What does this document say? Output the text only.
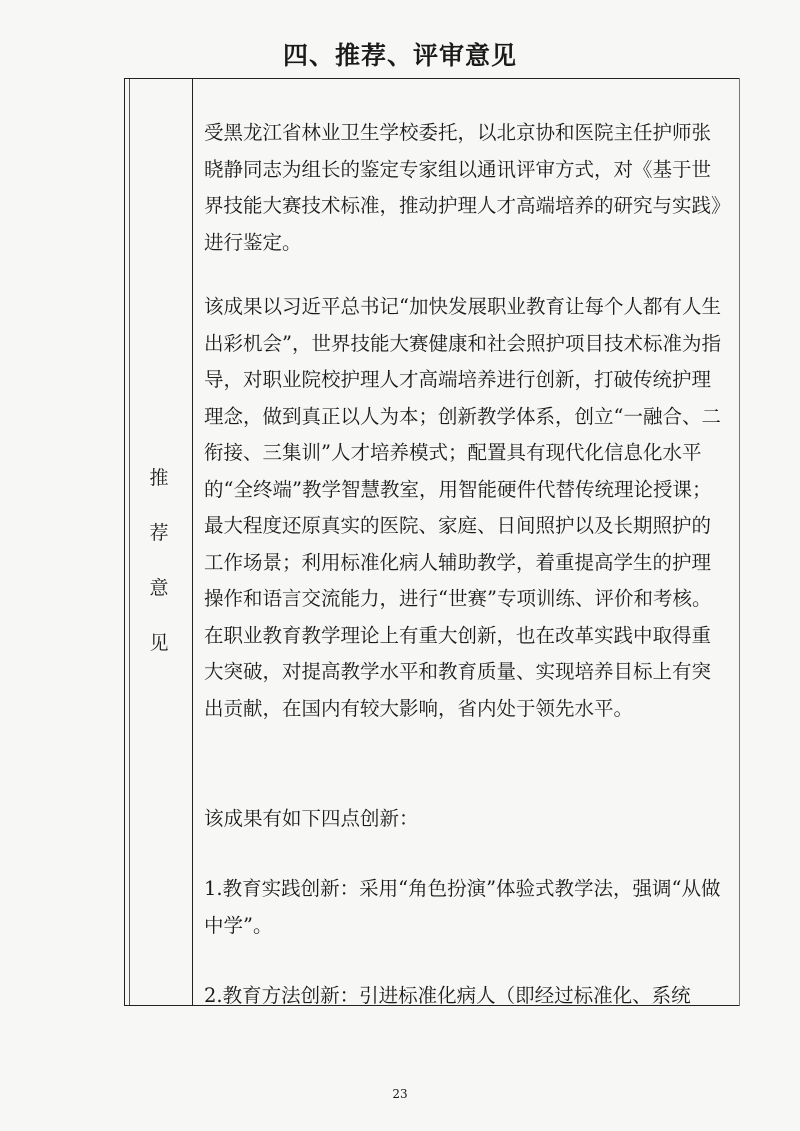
四、推荐、评审意见
推
荐
意
见

受黑龙江省林业卫生学校委托，以北京协和医院主任护师张晓静同志为组长的鉴定专家组以通讯评审方式，对《基于世界技能大赛技术标准，推动护理人才高端培养的研究与实践》进行鉴定。

该成果以习近平总书记“加快发展职业教育让每个人都有人生出彩机会”，世界技能大赛健康和社会照护项目技术标准为指导，对职业院校护理人才高端培养进行创新，打破传统护理理念，做到真正以人为本；创新教学体系，创立“一融合、二衔接、三集训”人才培养模式；配置具有现代化信息化水平的“全终端”教学智慧教室，用智能硬件代替传统理论授课；最大程度还原真实的医院、家庭、日间照护以及长期照护的工作场景；利用标准化病人辅助教学，着重提高学生的护理操作和语言交流能力，进行“世赛”专项训练、评价和考核。在职业教育教学理论上有重大创新，也在改革实践中取得重大突破，对提高教学水平和教育质量、实现培养目标上有突出贡献，在国内有较大影响，省内处于领先水平。

该成果有如下四点创新：

1.教育实践创新：采用“角色扮演”体验式教学法，强调“从做中学”。

2.教育方法创新：引进标准化病人（即经过标准化、系统

23
